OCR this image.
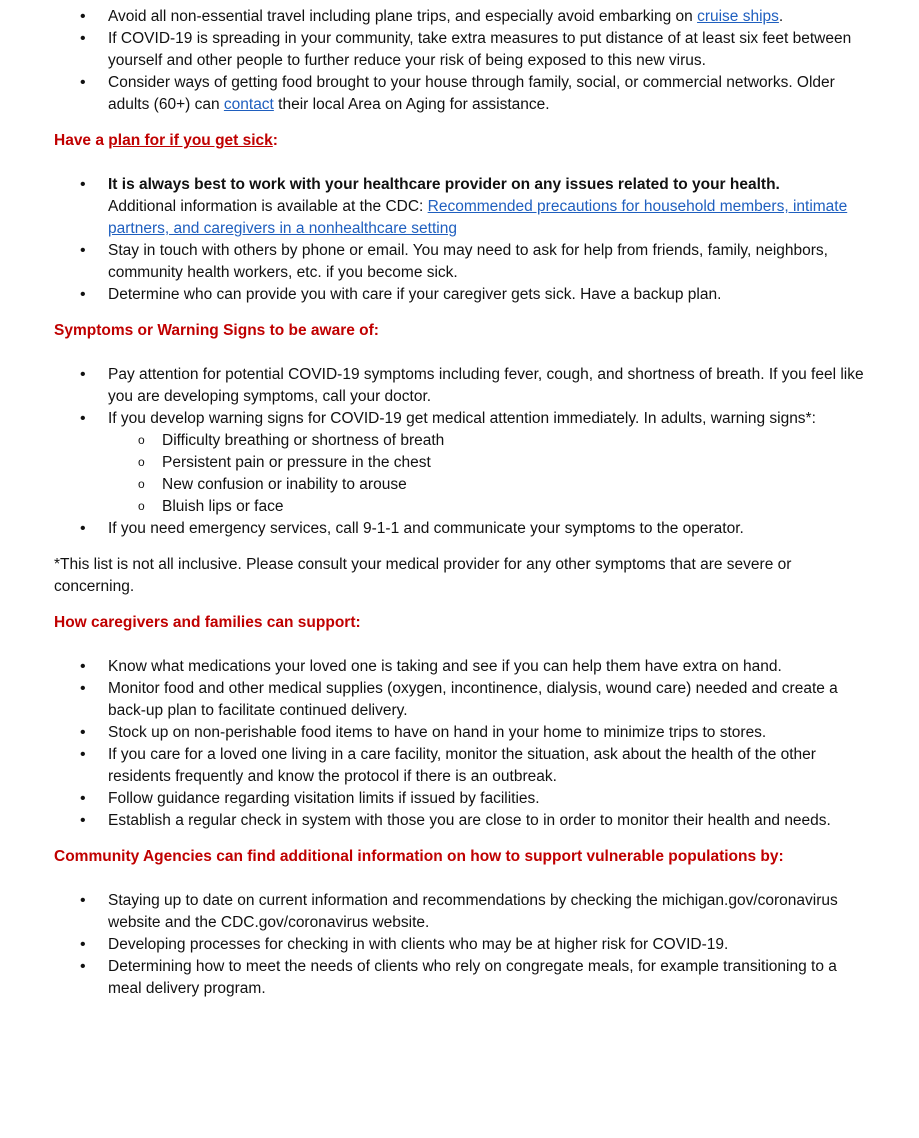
• Avoid all non-essential travel including plane trips, and especially avoid embarking on cruise ships.
• If COVID-19 is spreading in your community, take extra measures to put distance of at least six feet between yourself and other people to further reduce your risk of being exposed to this new virus.
• Consider ways of getting food brought to your house through family, social, or commercial networks. Older adults (60+) can contact their local Area on Aging for assistance.

Have a plan for if you get sick:

• It is always best to work with your healthcare provider on any issues related to your health.
Additional information is available at the CDC: Recommended precautions for household members, intimate partners, and caregivers in a nonhealthcare setting
• Stay in touch with others by phone or email. You may need to ask for help from friends, family, neighbors, community health workers, etc. if you become sick.
• Determine who can provide you with care if your caregiver gets sick. Have a backup plan.

Symptoms or Warning Signs to be aware of:

• Pay attention for potential COVID-19 symptoms including fever, cough, and shortness of breath. If you feel like you are developing symptoms, call your doctor.
• If you develop warning signs for COVID-19 get medical attention immediately. In adults, warning signs*:
o Difficulty breathing or shortness of breath
o Persistent pain or pressure in the chest
o New confusion or inability to arouse
o Bluish lips or face
• If you need emergency services, call 9-1-1 and communicate your symptoms to the operator.

*This list is not all inclusive. Please consult your medical provider for any other symptoms that are severe or concerning.

How caregivers and families can support:

• Know what medications your loved one is taking and see if you can help them have extra on hand.
• Monitor food and other medical supplies (oxygen, incontinence, dialysis, wound care) needed and create a back-up plan to facilitate continued delivery.
• Stock up on non-perishable food items to have on hand in your home to minimize trips to stores.
• If you care for a loved one living in a care facility, monitor the situation, ask about the health of the other residents frequently and know the protocol if there is an outbreak.
• Follow guidance regarding visitation limits if issued by facilities.
• Establish a regular check in system with those you are close to in order to monitor their health and needs.

Community Agencies can find additional information on how to support vulnerable populations by:

• Staying up to date on current information and recommendations by checking the michigan.gov/coronavirus website and the CDC.gov/coronavirus website.
• Developing processes for checking in with clients who may be at higher risk for COVID-19.
• Determining how to meet the needs of clients who rely on congregate meals, for example transitioning to a meal delivery program.
